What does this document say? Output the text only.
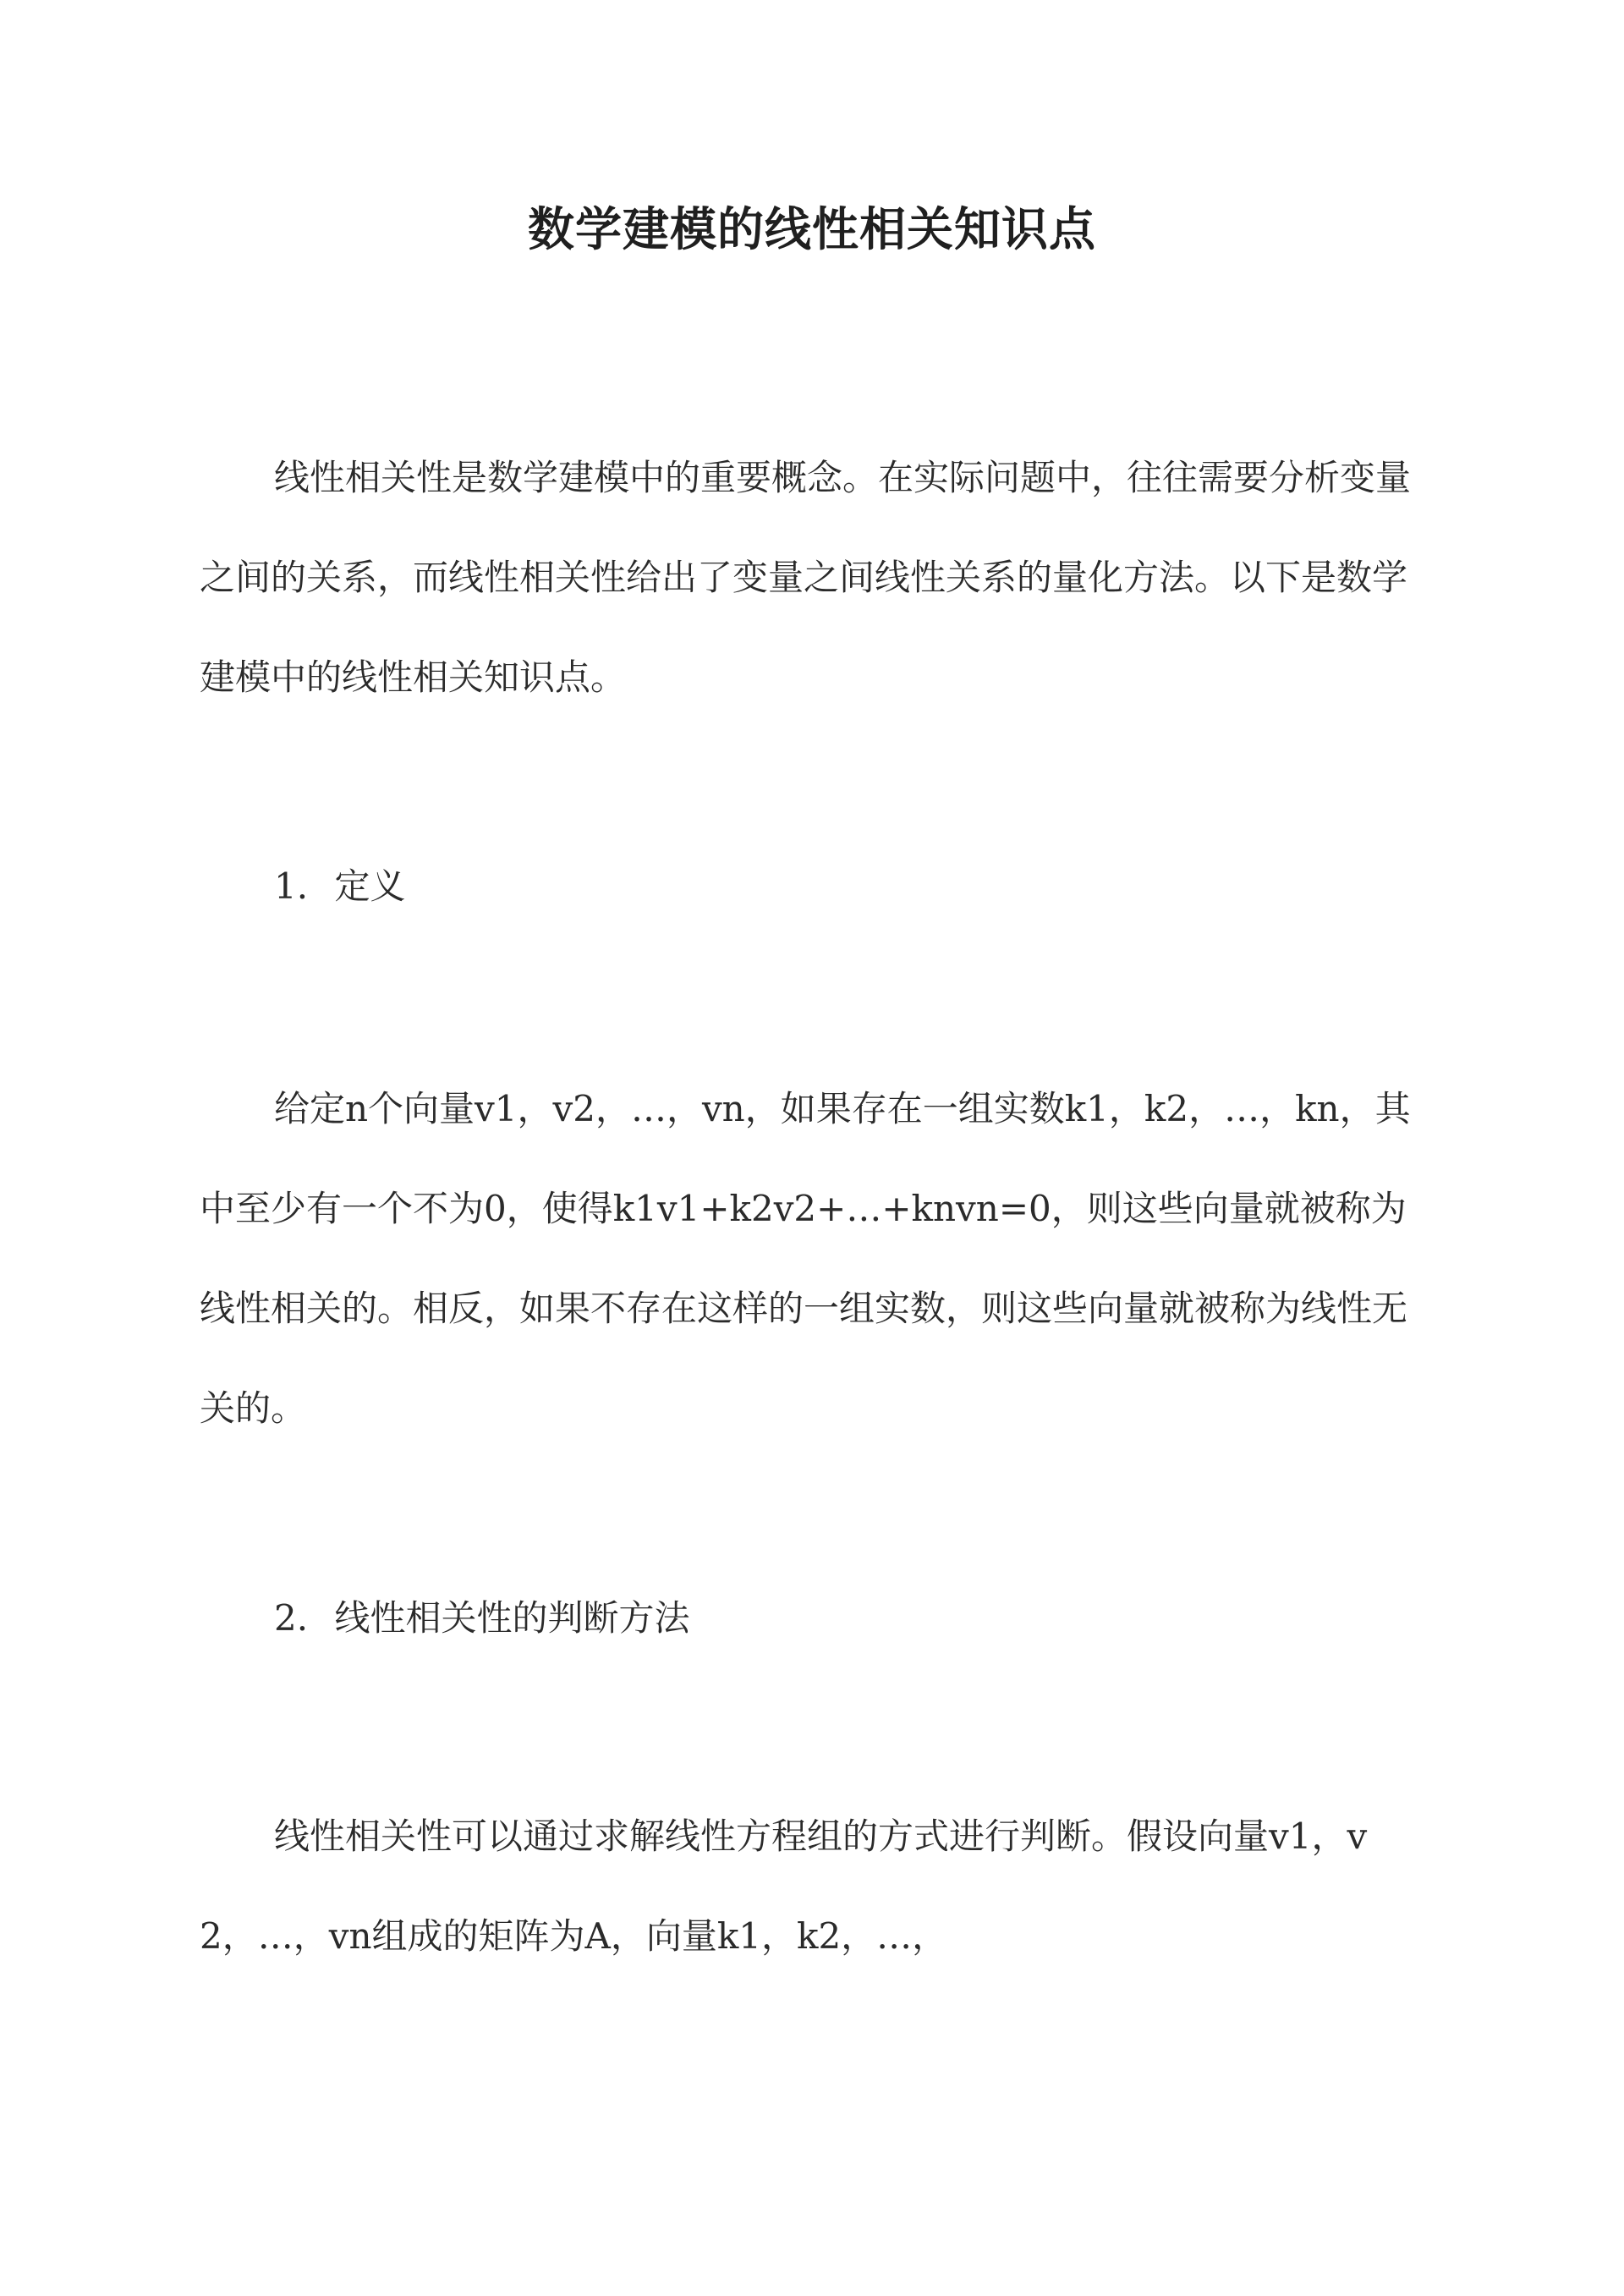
数学建模的线性相关知识点
线性相关性是数学建模中的重要概念。在实际问题中，往往需要分析变量之间的关系，而线性相关性给出了变量之间线性关系的量化方法。以下是数学建模中的线性相关知识点。
1. 定义
给定n个向量v1，v2，…，vn，如果存在一组实数k1，k2，…，kn，其中至少有一个不为0，使得k1v1+k2v2+…+knvn=0，则这些向量就被称为线性相关的。相反，如果不存在这样的一组实数，则这些向量就被称为线性无关的。
2. 线性相关性的判断方法
线性相关性可以通过求解线性方程组的方式进行判断。假设向量v1，v2，…，vn组成的矩阵为A，向量k1，k2，…，
